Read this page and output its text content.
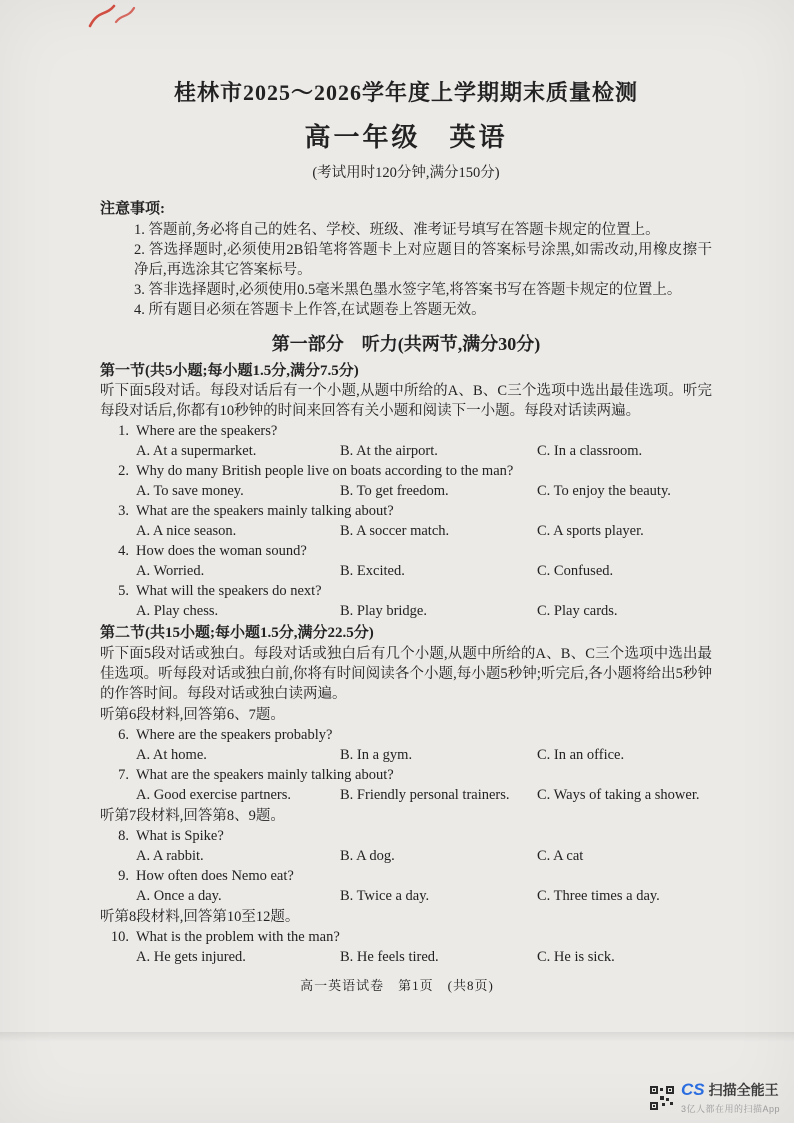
桂林市2025～2026学年度上学期期末质量检测
高一年级　英语
(考试用时120分钟,满分150分)
注意事项:
1. 答题前,务必将自己的姓名、学校、班级、准考证号填写在答题卡规定的位置上。
2. 答选择题时,必须使用2B铅笔将答题卡上对应题目的答案标号涂黑,如需改动,用橡皮擦干净后,再选涂其它答案标号。
3. 答非选择题时,必须使用0.5毫米黑色墨水签字笔,将答案书写在答题卡规定的位置上。
4. 所有题目必须在答题卡上作答,在试题卷上答题无效。
第一部分　听力(共两节,满分30分)
第一节(共5小题;每小题1.5分,满分7.5分)
听下面5段对话。每段对话后有一个小题,从题中所给的A、B、C三个选项中选出最佳选项。听完每段对话后,你都有10秒钟的时间来回答有关小题和阅读下一小题。每段对话读两遍。
1. Where are the speakers?
A. At a supermarket.	B. At the airport.	C. In a classroom.
2. Why do many British people live on boats according to the man?
A. To save money.	B. To get freedom.	C. To enjoy the beauty.
3. What are the speakers mainly talking about?
A. A nice season.	B. A soccer match.	C. A sports player.
4. How does the woman sound?
A. Worried.	B. Excited.	C. Confused.
5. What will the speakers do next?
A. Play chess.	B. Play bridge.	C. Play cards.
第二节(共15小题;每小题1.5分,满分22.5分)
听下面5段对话或独白。每段对话或独白后有几个小题,从题中所给的A、B、C三个选项中选出最佳选项。听每段对话或独白前,你将有时间阅读各个小题,每小题5秒钟;听完后,各小题将给出5秒钟的作答时间。每段对话或独白读两遍。
听第6段材料,回答第6、7题。
6. Where are the speakers probably?
A. At home.	B. In a gym.	C. In an office.
7. What are the speakers mainly talking about?
A. Good exercise partners.	B. Friendly personal trainers.	C. Ways of taking a shower.
听第7段材料,回答第8、9题。
8. What is Spike?
A. A rabbit.	B. A dog.	C. A cat
9. How often does Nemo eat?
A. Once a day.	B. Twice a day.	C. Three times a day.
听第8段材料,回答第10至12题。
10. What is the problem with the man?
A. He gets injured.	B. He feels tired.	C. He is sick.
高一英语试卷　第1页　(共8页)
CS 扫描全能王
3亿人都在用的扫描App
